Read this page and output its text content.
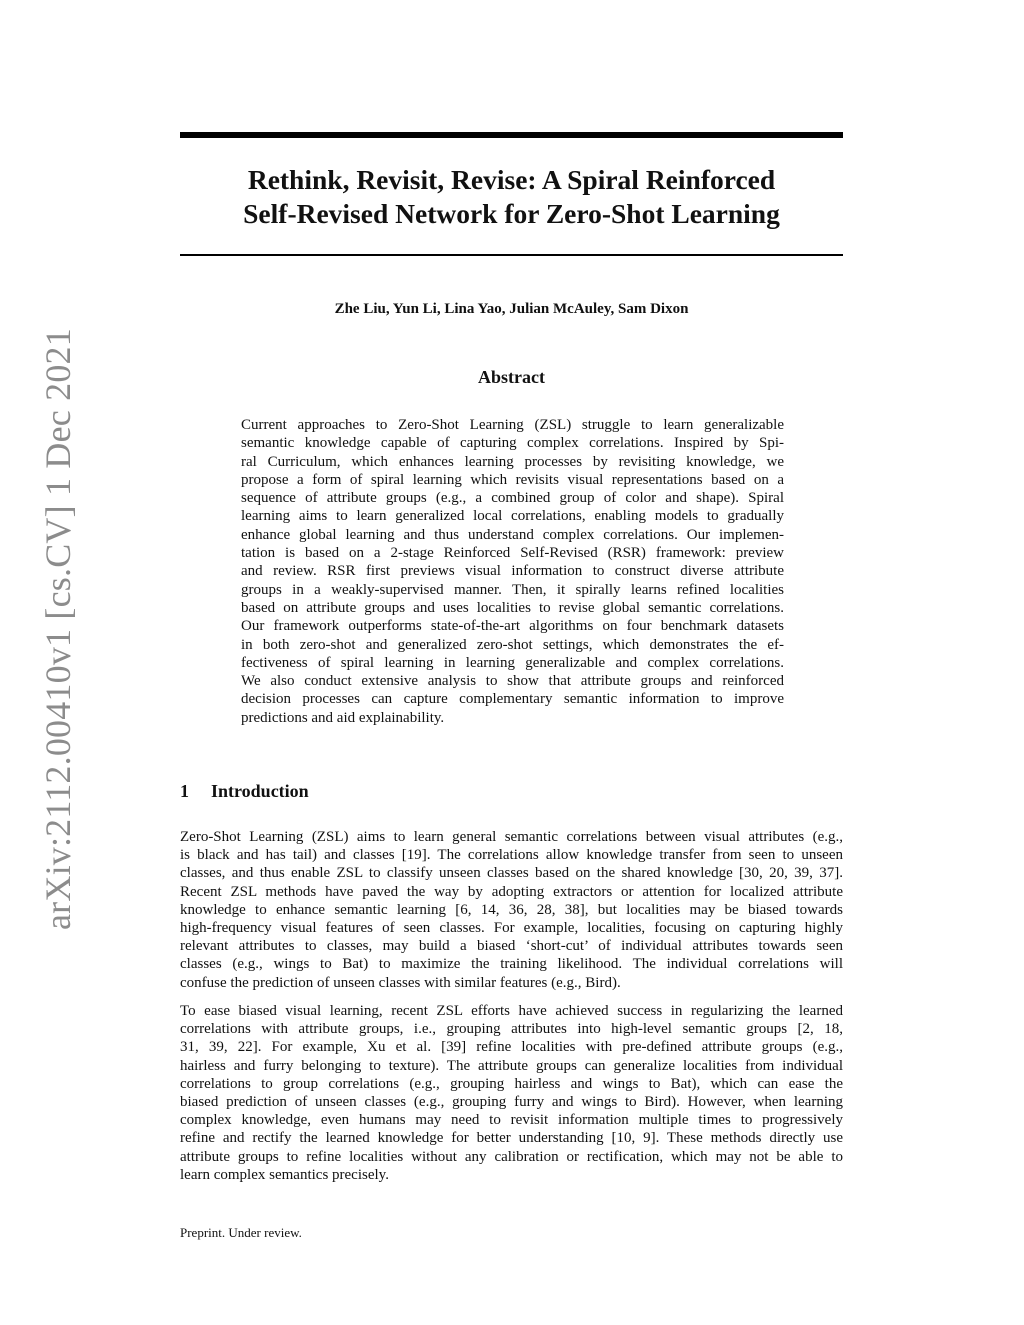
arXiv:2112.00410v1 [cs.CV] 1 Dec 2021
Rethink, Revisit, Revise: A Spiral Reinforced
Self-Revised Network for Zero-Shot Learning
Zhe Liu, Yun Li, Lina Yao, Julian McAuley, Sam Dixon
Abstract
Current approaches to Zero-Shot Learning (ZSL) struggle to learn generalizable
semantic knowledge capable of capturing complex correlations. Inspired by Spi-
ral Curriculum, which enhances learning processes by revisiting knowledge, we
propose a form of spiral learning which revisits visual representations based on a
sequence of attribute groups (e.g., a combined group of color and shape). Spiral
learning aims to learn generalized local correlations, enabling models to gradually
enhance global learning and thus understand complex correlations. Our implemen-
tation is based on a 2-stage Reinforced Self-Revised (RSR) framework: preview
and review. RSR first previews visual information to construct diverse attribute
groups in a weakly-supervised manner. Then, it spirally learns refined localities
based on attribute groups and uses localities to revise global semantic correlations.
Our framework outperforms state-of-the-art algorithms on four benchmark datasets
in both zero-shot and generalized zero-shot settings, which demonstrates the ef-
fectiveness of spiral learning in learning generalizable and complex correlations.
We also conduct extensive analysis to show that attribute groups and reinforced
decision processes can capture complementary semantic information to improve
predictions and aid explainability.
1 Introduction
Zero-Shot Learning (ZSL) aims to learn general semantic correlations between visual attributes (e.g.,
is black and has tail) and classes [19]. The correlations allow knowledge transfer from seen to unseen
classes, and thus enable ZSL to classify unseen classes based on the shared knowledge [30, 20, 39, 37].
Recent ZSL methods have paved the way by adopting extractors or attention for localized attribute
knowledge to enhance semantic learning [6, 14, 36, 28, 38], but localities may be biased towards
high-frequency visual features of seen classes. For example, localities, focusing on capturing highly
relevant attributes to classes, may build a biased ‘short-cut’ of individual attributes towards seen
classes (e.g., wings to Bat) to maximize the training likelihood. The individual correlations will
confuse the prediction of unseen classes with similar features (e.g., Bird).
To ease biased visual learning, recent ZSL efforts have achieved success in regularizing the learned
correlations with attribute groups, i.e., grouping attributes into high-level semantic groups [2, 18,
31, 39, 22]. For example, Xu et al. [39] refine localities with pre-defined attribute groups (e.g.,
hairless and furry belonging to texture). The attribute groups can generalize localities from individual
correlations to group correlations (e.g., grouping hairless and wings to Bat), which can ease the
biased prediction of unseen classes (e.g., grouping furry and wings to Bird). However, when learning
complex knowledge, even humans may need to revisit information multiple times to progressively
refine and rectify the learned knowledge for better understanding [10, 9]. These methods directly use
attribute groups to refine localities without any calibration or rectification, which may not be able to
learn complex semantics precisely.
Preprint. Under review.
